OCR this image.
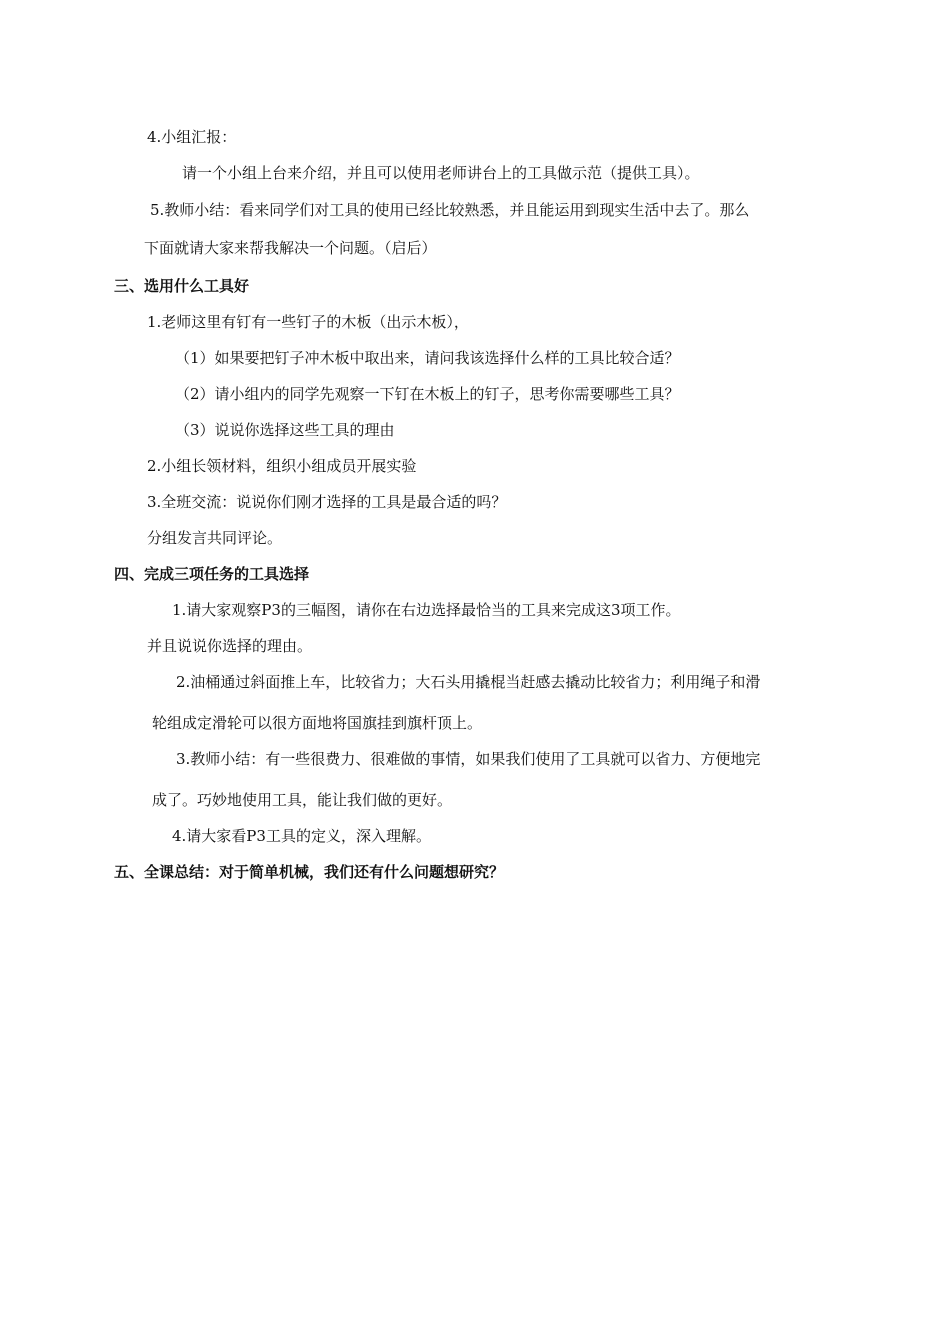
4.小组汇报：
请一个小组上台来介绍，并且可以使用老师讲台上的工具做示范（提供工具）。
5.教师小结：看来同学们对工具的使用已经比较熟悉，并且能运用到现实生活中去了。那么
下面就请大家来帮我解决一个问题。（启后）
三、选用什么工具好
1.老师这里有钉有一些钉子的木板（出示木板），
（1）如果要把钉子冲木板中取出来，请问我该选择什么样的工具比较合适？
（2）请小组内的同学先观察一下钉在木板上的钉子，思考你需要哪些工具？
（3）说说你选择这些工具的理由
2.小组长领材料，组织小组成员开展实验
3.全班交流：说说你们刚才选择的工具是最合适的吗？
分组发言共同评论。
四、完成三项任务的工具选择
1.请大家观察P3的三幅图，请你在右边选择最恰当的工具来完成这3项工作。
并且说说你选择的理由。
2.油桶通过斜面推上车，比较省力；大石头用撬棍当赶感去撬动比较省力；利用绳子和滑
轮组成定滑轮可以很方面地将国旗挂到旗杆顶上。
3.教师小结：有一些很费力、很难做的事情，如果我们使用了工具就可以省力、方便地完
成了。巧妙地使用工具，能让我们做的更好。
4.请大家看P3工具的定义，深入理解。
五、全课总结：对于简单机械，我们还有什么问题想研究？
